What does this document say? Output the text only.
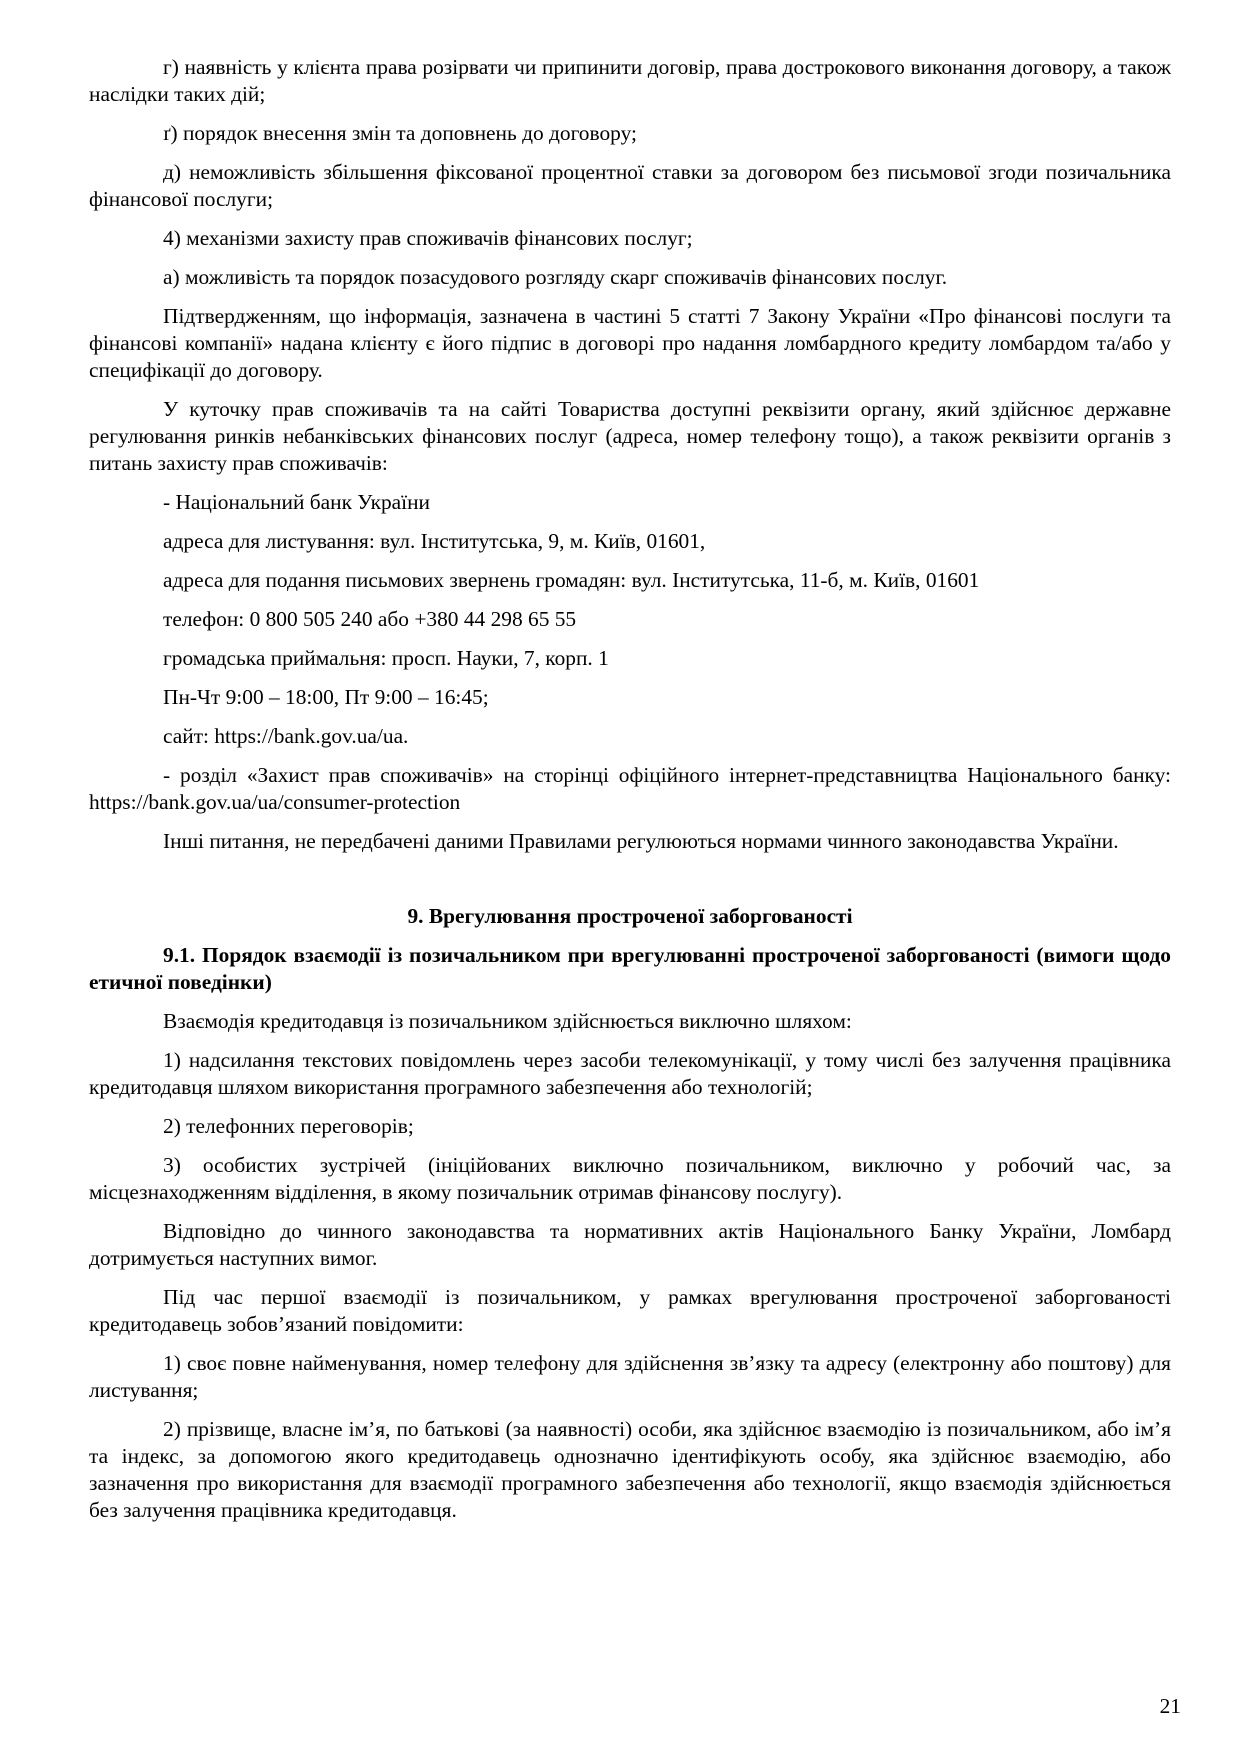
г) наявність у клієнта права розірвати чи припинити договір, права дострокового виконання договору, а також наслідки таких дій;

ґ) порядок внесення змін та доповнень до договору;

д) неможливість збільшення фіксованої процентної ставки за договором без письмової згоди позичальника фінансової послуги;

4) механізми захисту прав споживачів фінансових послуг;

а) можливість та порядок позасудового розгляду скарг споживачів фінансових послуг.

Підтвердженням, що інформація, зазначена в частині 5 статті 7 Закону України «Про фінансові послуги та фінансові компанії» надана клієнту є його підпис в договорі про надання ломбардного кредиту ломбардом та/або у специфікації до договору.

У куточку прав споживачів та на сайті Товариства доступні реквізити органу, який здійснює державне регулювання ринків небанківських фінансових послуг (адреса, номер телефону тощо), а також реквізити органів з питань захисту прав споживачів:

- Національний банк України

адреса для листування: вул. Інститутська, 9, м. Київ, 01601,

адреса для подання письмових звернень громадян: вул. Інститутська, 11-б, м. Київ, 01601

телефон: 0 800 505 240 або +380 44 298 65 55

громадська приймальня: просп. Науки, 7, корп. 1

Пн-Чт 9:00 – 18:00, Пт 9:00 – 16:45;

сайт: https://bank.gov.ua/ua.

- розділ «Захист прав споживачів» на сторінці офіційного інтернет-представництва Національного банку: https://bank.gov.ua/ua/consumer-protection

Інші питання, не передбачені даними Правилами регулюються нормами чинного законодавства України.

9. Врегулювання простроченої заборгованості

9.1. Порядок взаємодії із позичальником при врегулюванні простроченої заборгованості (вимоги щодо етичної поведінки)

Взаємодія кредитодавця із позичальником здійснюється виключно шляхом:

1) надсилання текстових повідомлень через засоби телекомунікації, у тому числі без залучення працівника кредитодавця шляхом використання програмного забезпечення або технологій;

2) телефонних переговорів;

3) особистих зустрічей (ініційованих виключно позичальником, виключно у робочий час, за місцезнаходженням відділення, в якому позичальник отримав фінансову послугу).

Відповідно до чинного законодавства та нормативних актів Національного Банку України, Ломбард дотримується наступних вимог.

Під час першої взаємодії із позичальником, у рамках врегулювання простроченої заборгованості кредитодавець зобов’язаний повідомити:

1) своє повне найменування, номер телефону для здійснення зв’язку та адресу (електронну або поштову) для листування;

2) прізвище, власне ім’я, по батькові (за наявності) особи, яка здійснює взаємодію із позичальником, або ім’я та індекс, за допомогою якого кредитодавець однозначно ідентифікують особу, яка здійснює взаємодію, або зазначення про використання для взаємодії програмного забезпечення або технології, якщо взаємодія здійснюється без залучення працівника кредитодавця.

21
